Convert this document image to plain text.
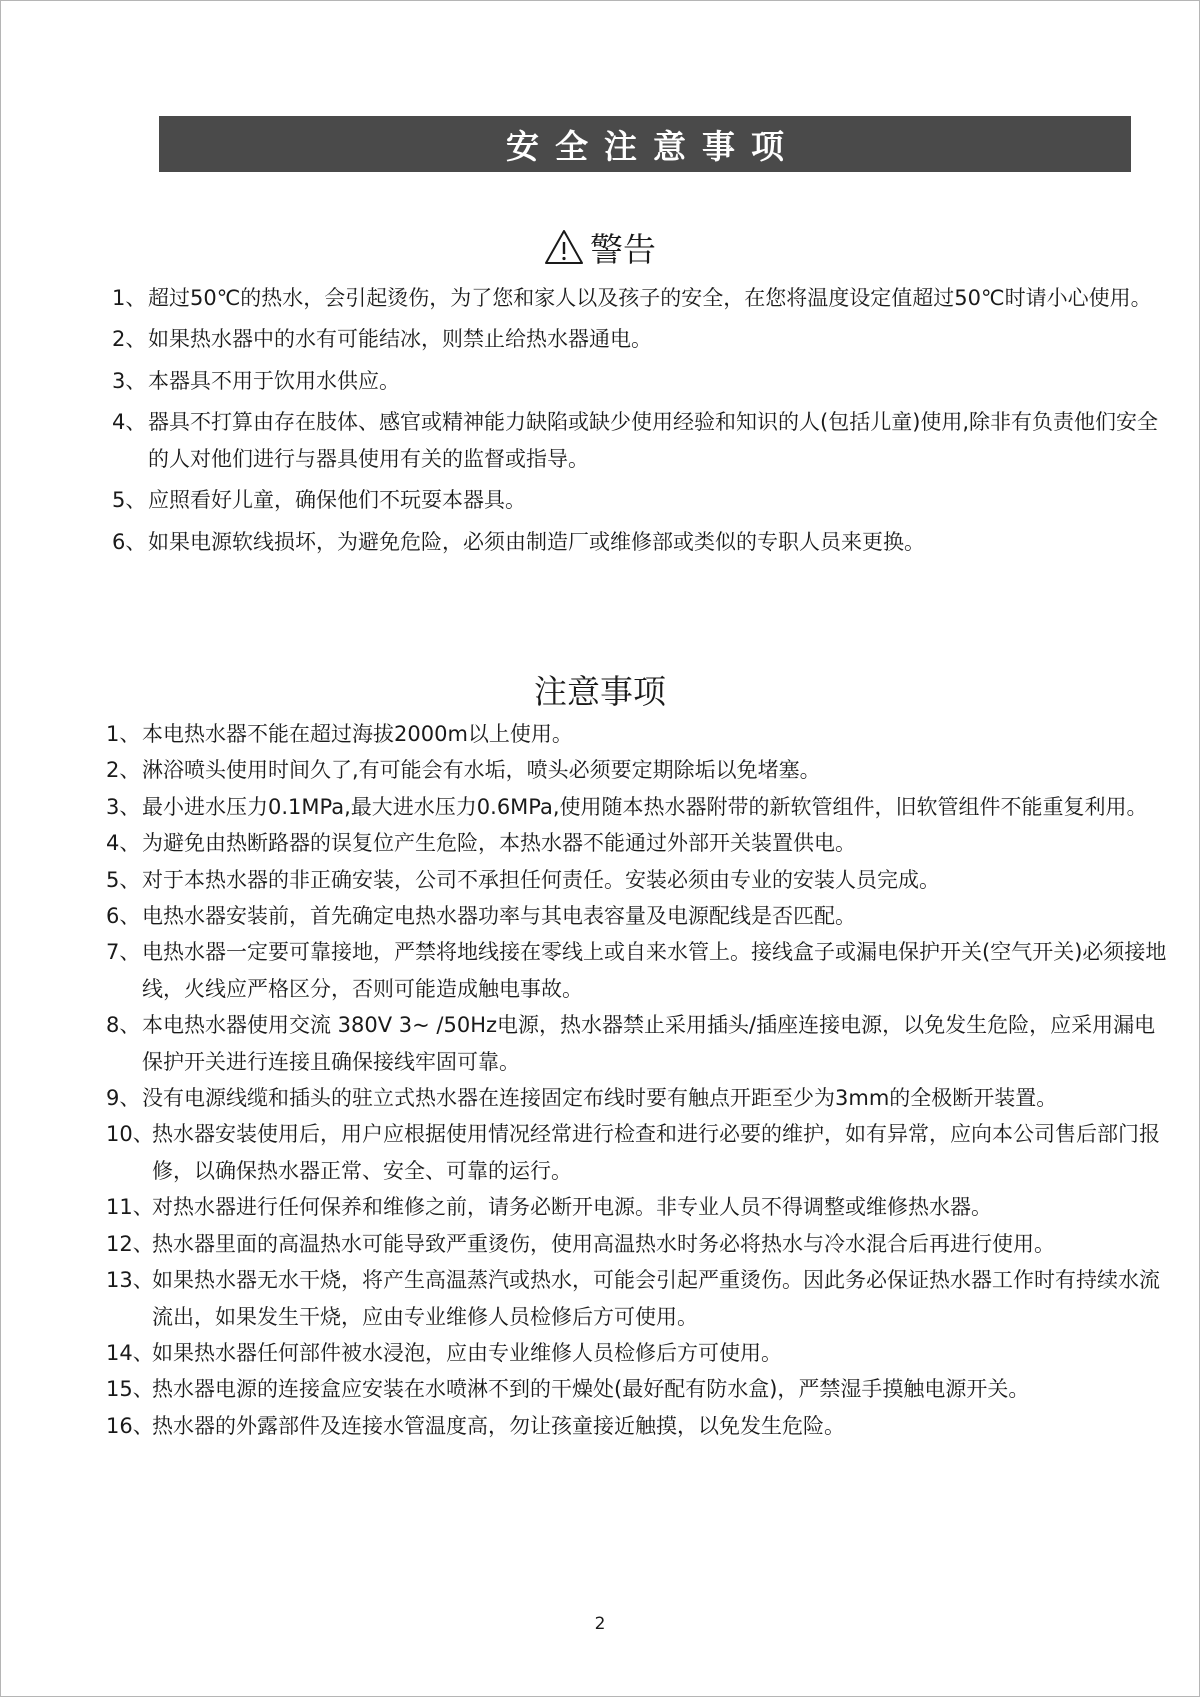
安全注意事项
警告
1、 超过50℃的热水，会引起烫伤，为了您和家人以及孩子的安全，在您将温度设定值超过50℃时请小心使用。
2、 如果热水器中的水有可能结冰，则禁止给热水器通电。
3、 本器具不用于饮用水供应。
4、 器具不打算由存在肢体、感官或精神能力缺陷或缺少使用经验和知识的人(包括儿童)使用,除非有负责他们安全的人对他们进行与器具使用有关的监督或指导。
5、 应照看好儿童，确保他们不玩耍本器具。
6、 如果电源软线损坏，为避免危险，必须由制造厂或维修部或类似的专职人员来更换。
注意事项
1、 本电热水器不能在超过海拔2000m以上使用。
2、 淋浴喷头使用时间久了,有可能会有水垢，喷头必须要定期除垢以免堵塞。
3、 最小进水压力0.1MPa,最大进水压力0.6MPa,使用随本热水器附带的新软管组件，旧软管组件不能重复利用。
4、 为避免由热断路器的误复位产生危险，本热水器不能通过外部开关装置供电。
5、 对于本热水器的非正确安装，公司不承担任何责任。安装必须由专业的安装人员完成。
6、 电热水器安装前，首先确定电热水器功率与其电表容量及电源配线是否匹配。
7、 电热水器一定要可靠接地，严禁将地线接在零线上或自来水管上。接线盒子或漏电保护开关(空气开关)必须接地线，火线应严格区分，否则可能造成触电事故。
8、 本电热水器使用交流 380V 3~ /50Hz电源，热水器禁止采用插头/插座连接电源，以免发生危险，应采用漏电保护开关进行连接且确保接线牢固可靠。
9、 没有电源线缆和插头的驻立式热水器在连接固定布线时要有触点开距至少为3mm的全极断开装置。
10、
热水器安装使用后，用户应根据使用情况经常进行检查和进行必要的维护，如有异常，应向本公司售后部门报修，以确保热水器正常、安全、可靠的运行。
11、
对热水器进行任何保养和维修之前，请务必断开电源。非专业人员不得调整或维修热水器。
12、
热水器里面的高温热水可能导致严重烫伤，使用高温热水时务必将热水与冷水混合后再进行使用。
13、
如果热水器无水干烧，将产生高温蒸汽或热水，可能会引起严重烫伤。因此务必保证热水器工作时有持续水流流出，如果发生干烧，应由专业维修人员检修后方可使用。
14、
如果热水器任何部件被水浸泡，应由专业维修人员检修后方可使用。
15、
热水器电源的连接盒应安装在水喷淋不到的干燥处(最好配有防水盒)，严禁湿手摸触电源开关。
16、
热水器的外露部件及连接水管温度高，勿让孩童接近触摸，以免发生危险。
2
